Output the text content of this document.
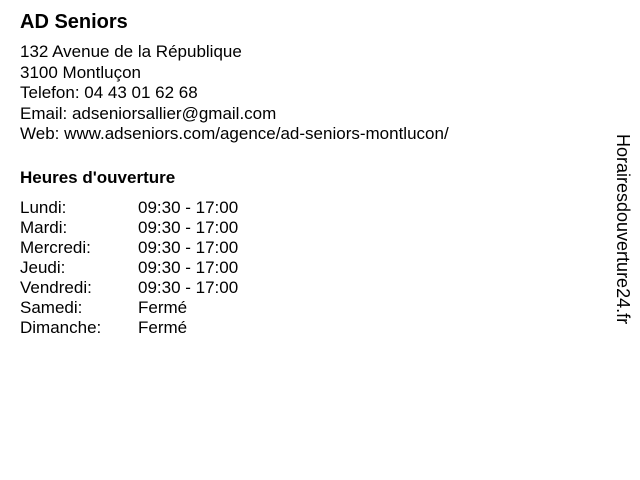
AD Seniors
132 Avenue de la République
3100 Montluçon
Telefon: 04 43 01 62 68
Email: adseniorsallier@gmail.com
Web: www.adseniors.com/agence/ad-seniors-montlucon/
Heures d'ouverture
Lundi:	09:30 - 17:00
Mardi:	09:30 - 17:00
Mercredi:	09:30 - 17:00
Jeudi:	09:30 - 17:00
Vendredi:	09:30 - 17:00
Samedi:	Fermé
Dimanche: Fermé
Horairesdouverture24.fr
